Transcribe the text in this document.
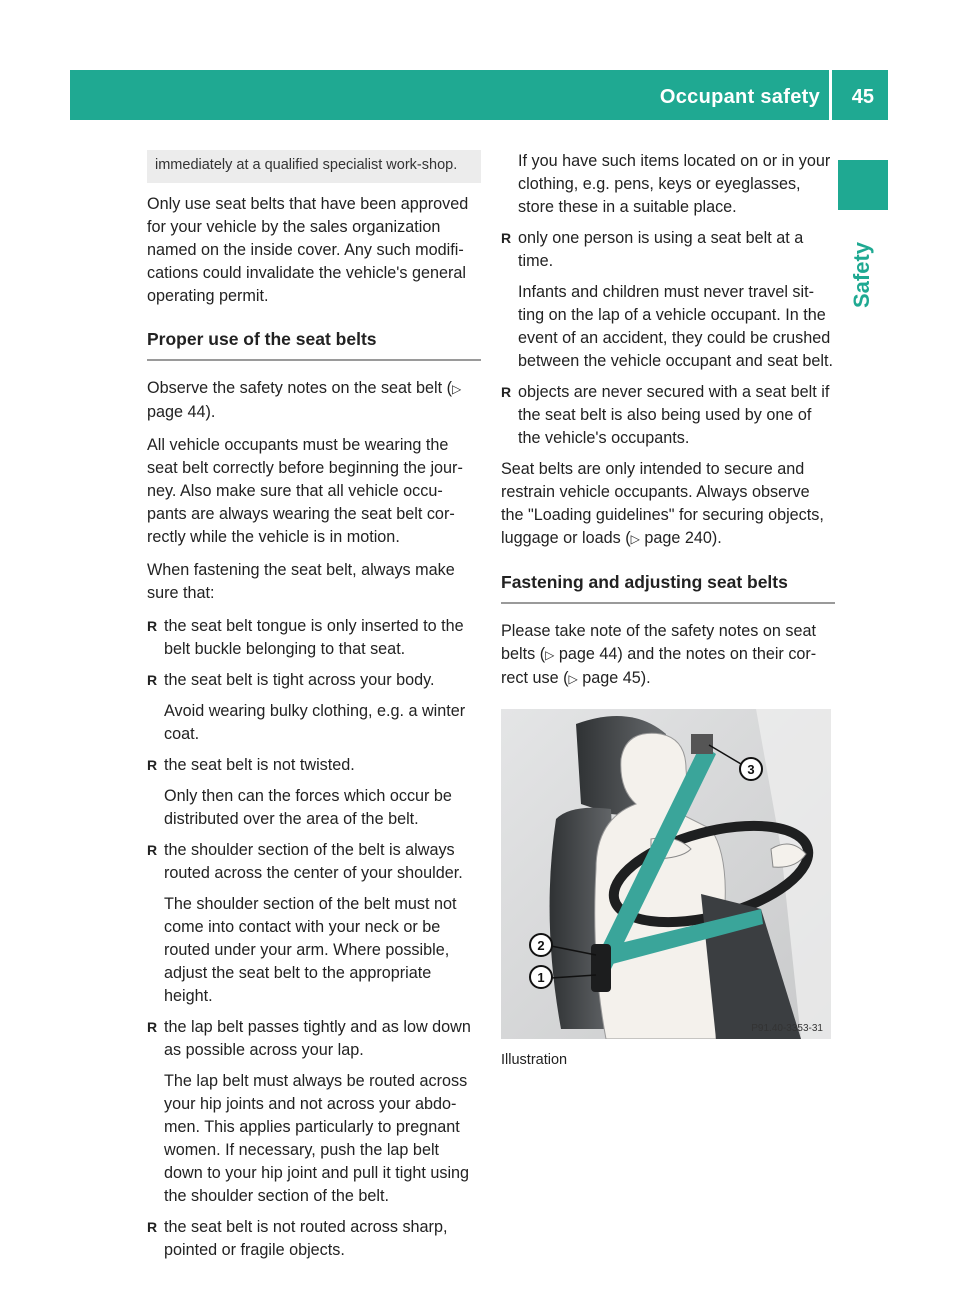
Occupant safety 45
Safety
immediately at a qualified specialist work-shop.

Only use seat belts that have been approved for your vehicle by the sales organization named on the inside cover. Any such modifi-cations could invalidate the vehicle's general operating permit.

Proper use of the seat belts

Observe the safety notes on the seat belt (▷ page 44).

All vehicle occupants must be wearing the seat belt correctly before beginning the jour-ney. Also make sure that all vehicle occu-pants are always wearing the seat belt cor-rectly while the vehicle is in motion.

When fastening the seat belt, always make sure that:

R the seat belt tongue is only inserted to the belt buckle belonging to that seat.
R the seat belt is tight across your body.
Avoid wearing bulky clothing, e.g. a winter coat.
R the seat belt is not twisted.
Only then can the forces which occur be distributed over the area of the belt.
R the shoulder section of the belt is always routed across the center of your shoulder.
The shoulder section of the belt must not come into contact with your neck or be routed under your arm. Where possible, adjust the seat belt to the appropriate height.
R the lap belt passes tightly and as low down as possible across your lap.
The lap belt must always be routed across your hip joints and not across your abdo-men. This applies particularly to pregnant women. If necessary, push the lap belt down to your hip joint and pull it tight using the shoulder section of the belt.
R the seat belt is not routed across sharp, pointed or fragile objects.
If you have such items located on or in your clothing, e.g. pens, keys or eyeglasses, store these in a suitable place.
R only one person is using a seat belt at a time.
Infants and children must never travel sit-ting on the lap of a vehicle occupant. In the event of an accident, they could be crushed between the vehicle occupant and seat belt.
R objects are never secured with a seat belt if the seat belt is also being used by one of the vehicle's occupants.

Seat belts are only intended to secure and restrain vehicle occupants. Always observe the "Loading guidelines" for securing objects, luggage or loads (▷ page 240).

Fastening and adjusting seat belts

Please take note of the safety notes on seat belts (▷ page 44) and the notes on their cor-rect use (▷ page 45).

3
2
1
P91.40-3353-31
Illustration
